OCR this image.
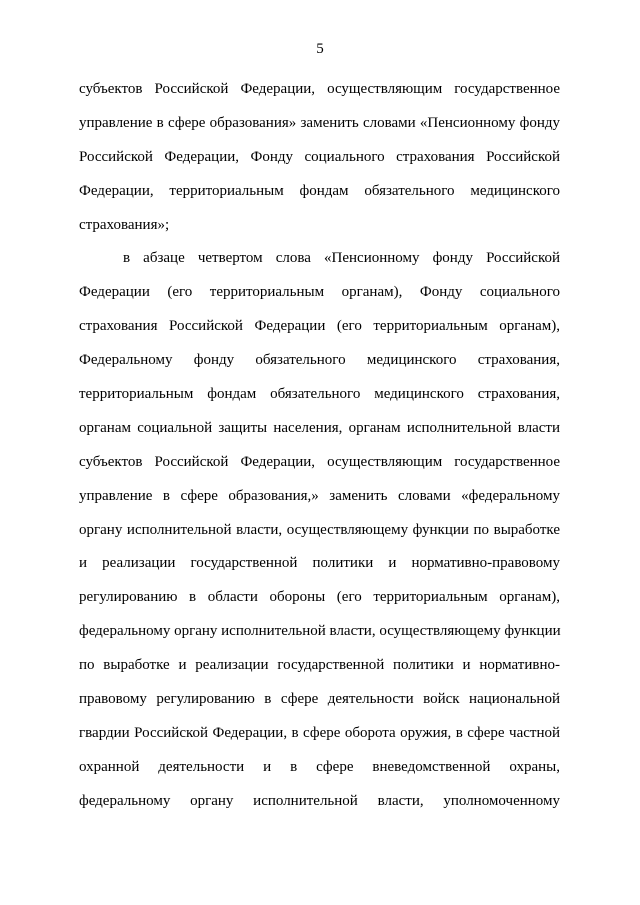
5
субъектов Российской Федерации, осуществляющим государственное
управление в сфере образования» заменить словами «Пенсионному фонду
Российской Федерации, Фонду социального страхования Российской
Федерации, территориальным фондам обязательного медицинского
страхования»;
в абзаце четвертом слова «Пенсионному фонду Российской
Федерации (его территориальным органам), Фонду социального
страхования Российской Федерации (его территориальным органам),
Федеральному фонду обязательного медицинского страхования,
территориальным фондам обязательного медицинского страхования,
органам социальной защиты населения, органам исполнительной власти
субъектов Российской Федерации, осуществляющим государственное
управление в сфере образования,» заменить словами «федеральному
органу исполнительной власти, осуществляющему функции по выработке
и реализации государственной политики и нормативно-правовому
регулированию в области обороны (его территориальным органам),
федеральному органу исполнительной власти, осуществляющему функции
по выработке и реализации государственной политики и нормативно-
правовому регулированию в сфере деятельности войск национальной
гвардии Российской Федерации, в сфере оборота оружия, в сфере частной
охранной деятельности и в сфере вневедомственной охраны,
федеральному органу исполнительной власти, уполномоченному
